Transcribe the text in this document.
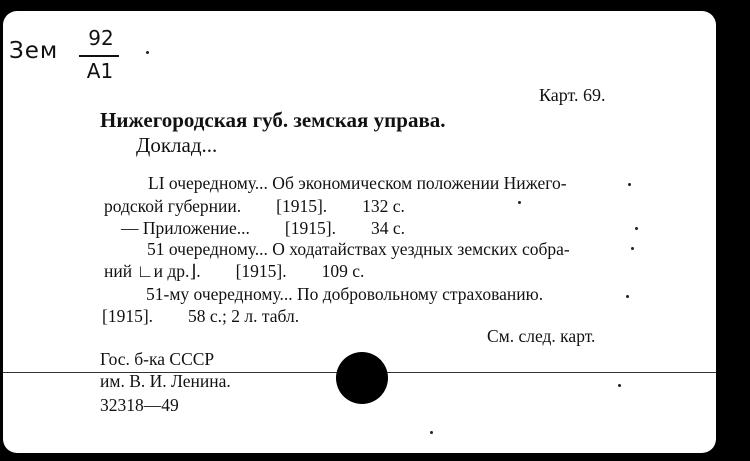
Зем	92
A1
Карт. 69.
Нижегородская губ. земская управа.
Доклад...
LI очередному... Об экономическом положении Нижего-
родской губернии.        [1915].        132 с.
— Приложение...        [1915].        34 с.
51 очередному... О ходатайствах уездных земских собра-
ний ∟и др.⌋.        [1915].        109 с.
51-му очередному... По добровольному страхованию.
[1915].        58 с.; 2 л. табл.
См. след. карт.
Гос. б-ка СССР
им. В. И. Ленина.
32318—49
